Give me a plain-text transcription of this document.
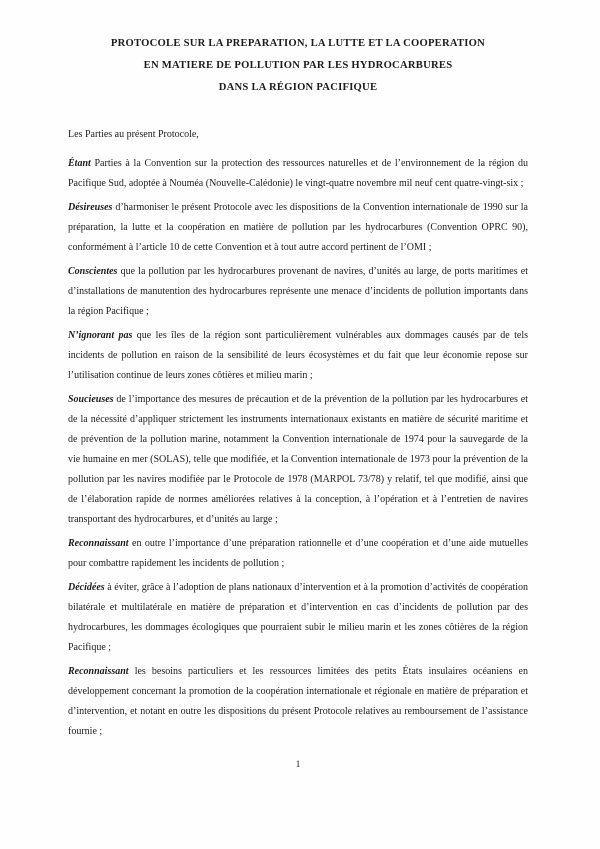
PROTOCOLE SUR LA PREPARATION, LA LUTTE ET LA COOPERATION
EN MATIERE DE POLLUTION PAR LES HYDROCARBURES
DANS LA RÉGION PACIFIQUE

Les Parties au présent Protocole,

Étant Parties à la Convention sur la protection des ressources naturelles et de l’environnement de la région du Pacifique Sud, adoptée à Nouméa (Nouvelle-Calédonie) le vingt-quatre novembre mil neuf cent quatre-vingt-six ;

Désireuses d’harmoniser le présent Protocole avec les dispositions de la Convention internationale de 1990 sur la préparation, la lutte et la coopération en matière de pollution par les hydrocarbures (Convention OPRC 90), conformément à l’article 10 de cette Convention et à tout autre accord pertinent de l’OMI ;

Conscientes que la pollution par les hydrocarbures provenant de navires, d’unités au large, de ports maritimes et d’installations de manutention des hydrocarbures représente une menace d’incidents de pollution importants dans la région Pacifique ;

N’ignorant pas que les îles de la région sont particulièrement vulnérables aux dommages causés par de tels incidents de pollution en raison de la sensibilité de leurs écosystèmes et du fait que leur économie repose sur l’utilisation continue de leurs zones côtières et milieu marin ;

Soucieuses de l’importance des mesures de précaution et de la prévention de la pollution par les hydrocarbures et de la nécessité d’appliquer strictement les instruments internationaux existants en matière de sécurité maritime et de prévention de la pollution marine, notamment la Convention internationale de 1974 pour la sauvegarde de la vie humaine en mer (SOLAS), telle que modifiée, et la Convention internationale de 1973 pour la prévention de la pollution par les navires modifiée par le Protocole de 1978 (MARPOL 73/78) y relatif, tel que modifié, ainsi que de l’élaboration rapide de normes améliorées relatives à la conception, à l’opération et à l’entretien de navires transportant des hydrocarbures, et d’unités au large ;

Reconnaissant en outre l’importance d’une préparation rationnelle et d’une coopération et d’une aide mutuelles pour combattre rapidement les incidents de pollution ;

Décidées à éviter, grâce à l’adoption de plans nationaux d’intervention et à la promotion d’activités de coopération bilatérale et multilatérale en matière de préparation et d’intervention en cas d’incidents de pollution par des hydrocarbures, les dommages écologiques que pourraient subir le milieu marin et les zones côtières de la région Pacifique ;

Reconnaissant les besoins particuliers et les ressources limitées des petits États insulaires océaniens en développement concernant la promotion de la coopération internationale et régionale en matière de préparation et d’intervention, et notant en outre les dispositions du présent Protocole relatives au remboursement de l’assistance fournie ;

1
